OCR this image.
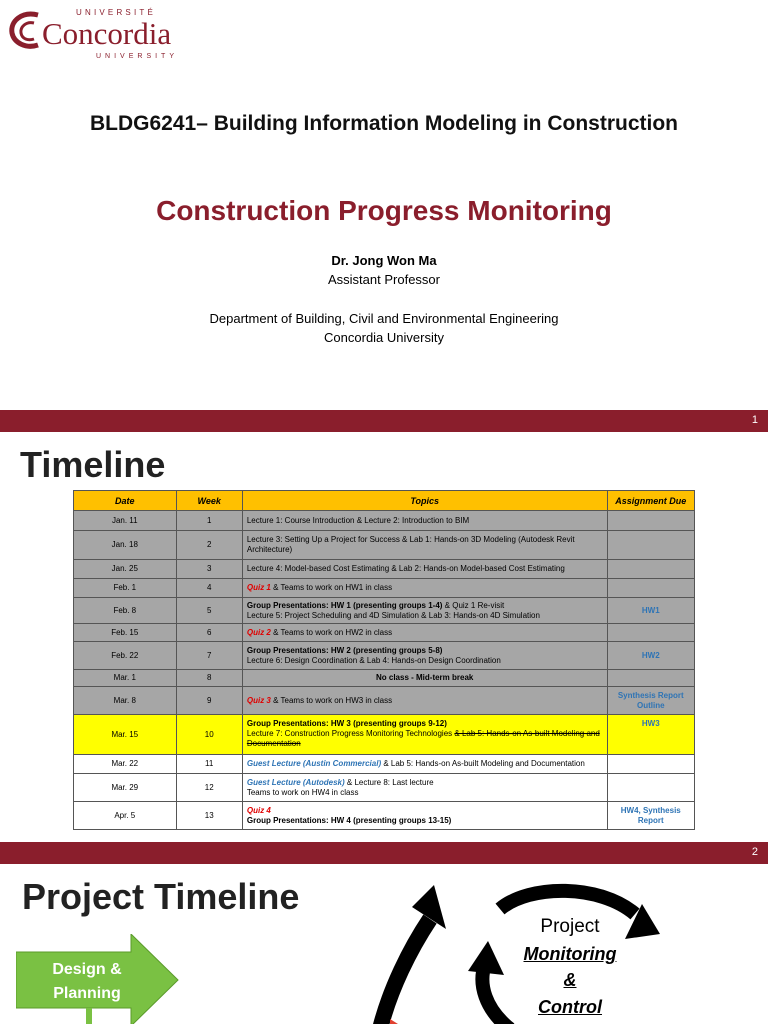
UNIVERSITÉ
Concordia
UNIVERSITY
BLDG6241– Building Information Modeling in Construction
Construction Progress Monitoring
Dr. Jong Won Ma
Assistant Professor
Department of Building, Civil and Environmental Engineering
Concordia University
1
Timeline
Date	Week	Topics	Assignment Due
Jan. 11	1	Lecture 1: Course Introduction & Lecture 2: Introduction to BIM	
Jan. 18	2	Lecture 3: Setting Up a Project for Success & Lab 1: Hands-on 3D Modeling (Autodesk Revit Architecture)	
Jan. 25	3	Lecture 4: Model-based Cost Estimating & Lab 2: Hands-on Model-based Cost Estimating	
Feb. 1	4	Quiz 1 & Teams to work on HW1 in class	
Feb. 8	5	Group Presentations: HW 1 (presenting groups 1-4) & Quiz 1 Re-visit
Lecture 5: Project Scheduling and 4D Simulation & Lab 3: Hands-on 4D Simulation	HW1
Feb. 15	6	Quiz 2 & Teams to work on HW2 in class	
Feb. 22	7	Group Presentations: HW 2 (presenting groups 5-8)
Lecture 6: Design Coordination & Lab 4: Hands-on Design Coordination	HW2
Mar. 1	8	No class - Mid-term break	
Mar. 8	9	Quiz 3 & Teams to work on HW3 in class	Synthesis Report Outline
Mar. 15	10	Group Presentations: HW 3 (presenting groups 9-12)
Lecture 7: Construction Progress Monitoring Technologies & Lab 5: Hands-on As-built Modeling and Documentation	HW3
Mar. 22	11	Guest Lecture (Austin Commercial) & Lab 5: Hands-on As-built Modeling and Documentation	
Mar. 29	12	Guest Lecture (Autodesk) & Lecture 8: Last lecture
Teams to work on HW4 in class	
Apr. 5	13	Quiz 4
Group Presentations: HW 4 (presenting groups 13-15)	HW4, Synthesis Report
2
Project Timeline
Design & Planning
Project
Monitoring
&
Control
